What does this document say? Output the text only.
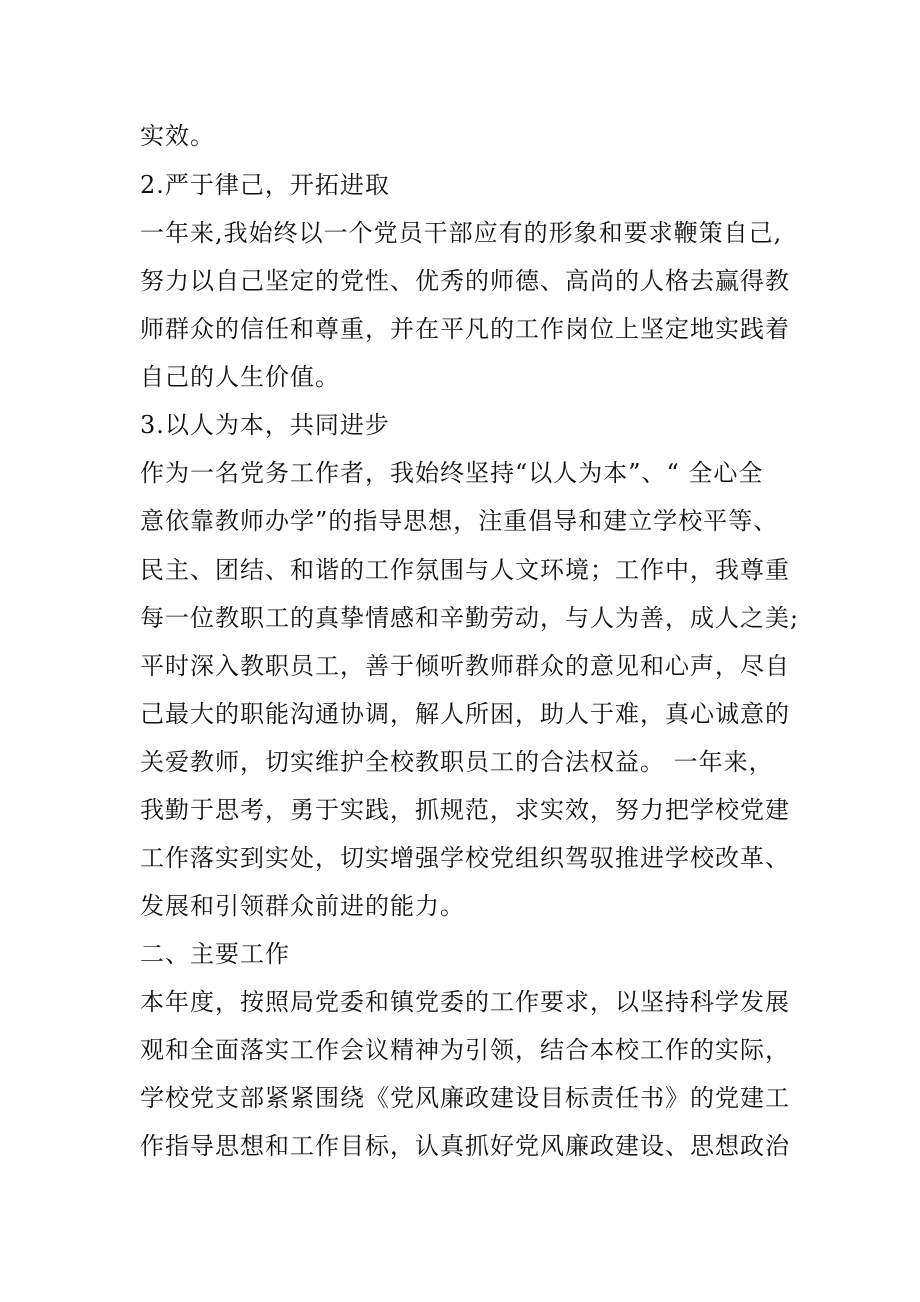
实效。
2.严于律己，开拓进取
一年来,我始终以一个党员干部应有的形象和要求鞭策自己,
努力以自己坚定的党性、优秀的师德、高尚的人格去赢得教
师群众的信任和尊重，并在平凡的工作岗位上坚定地实践着
自己的人生价值。
3.以人为本，共同进步
作为一名党务工作者，我始终坚持“以人为本”、“ 全心全
意依靠教师办学”的指导思想，注重倡导和建立学校平等、
民主、团结、和谐的工作氛围与人文环境；工作中，我尊重
每一位教职工的真挚情感和辛勤劳动，与人为善，成人之美;
平时深入教职员工，善于倾听教师群众的意见和心声，尽自
己最大的职能沟通协调，解人所困，助人于难，真心诚意的
关爱教师，切实维护全校教职员工的合法权益。 一年来，
我勤于思考，勇于实践，抓规范，求实效，努力把学校党建
工作落实到实处，切实增强学校党组织驾驭推进学校改革、
发展和引领群众前进的能力。
二、主要工作
本年度，按照局党委和镇党委的工作要求，以坚持科学发展
观和全面落实工作会议精神为引领，结合本校工作的实际，
学校党支部紧紧围绕《党风廉政建设目标责任书》的党建工
作指导思想和工作目标，认真抓好党风廉政建设、思想政治
